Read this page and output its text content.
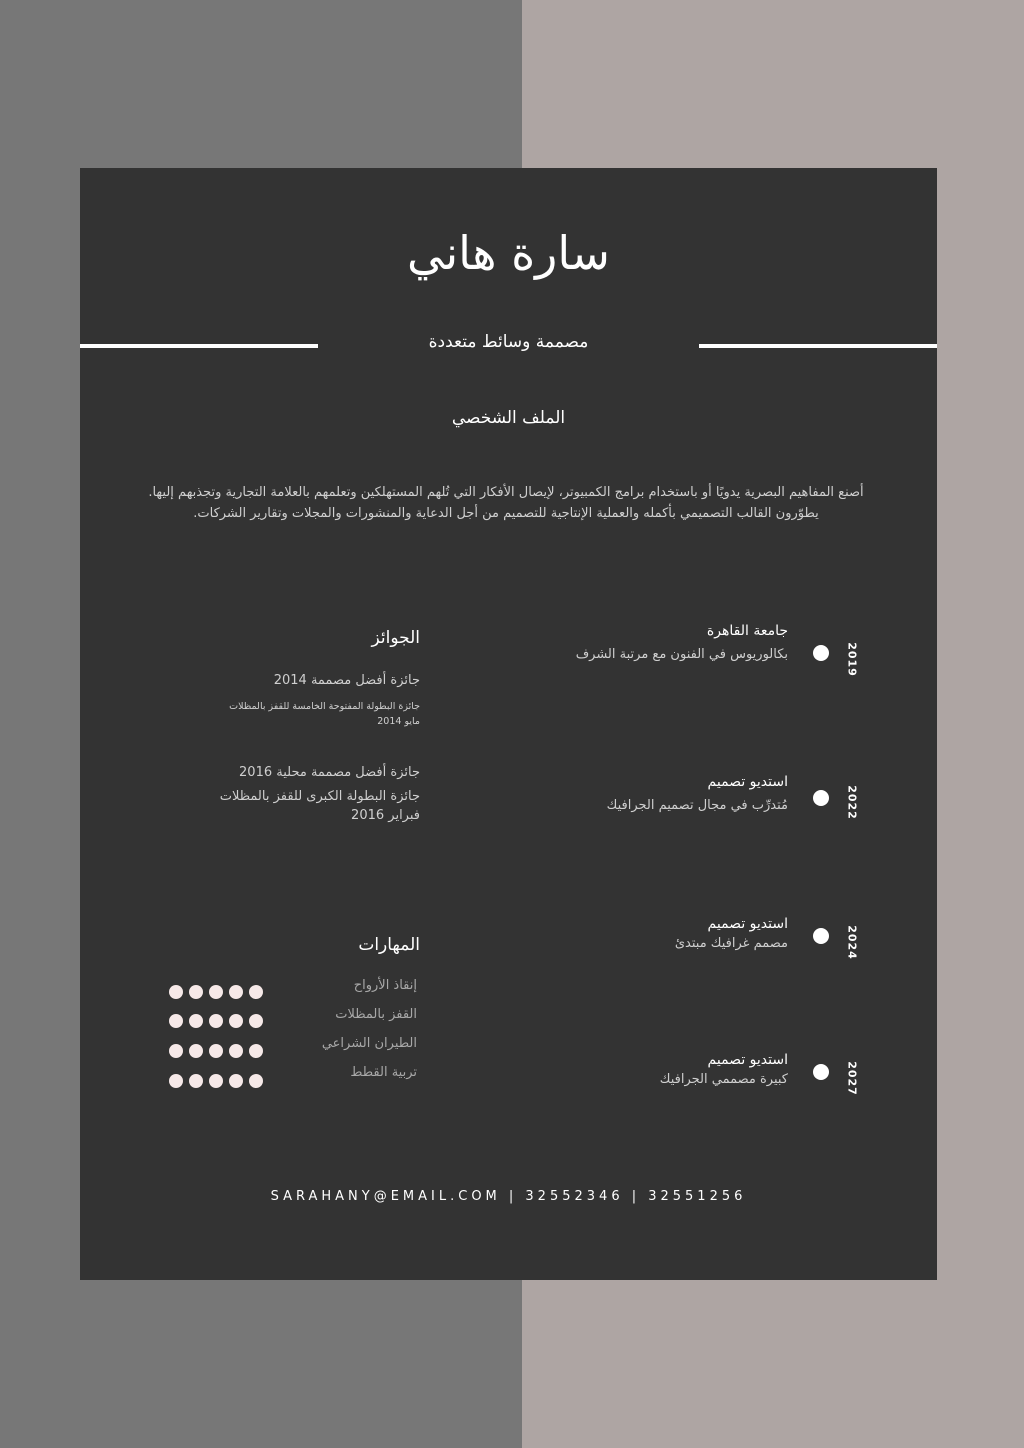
سارة هاني
مصممة وسائط متعددة
الملف الشخصي
أصنع المفاهيم البصرية يدويًا أو باستخدام برامج الكمبيوتر، لإيصال الأفكار التي تُلهم المستهلكين وتعلمهم بالعلامة التجارية وتجذبهم إليها. يطوّرون القالب التصميمي بأكمله والعملية الإنتاجية للتصميم من أجل الدعاية والمنشورات والمجلات وتقارير الشركات.
جامعة القاهرة
بكالوريوس في الفنون مع مرتبة الشرف	2019
استديو تصميم
مُتدرِّب في مجال تصميم الجرافيك	2022
استديو تصميم
مصمم غرافيك مبتدئ	2024
استديو تصميم
كبيرة مصممي الجرافيك	2027
الجوائز
جائزة أفضل مصممة 2014
جائزة البطولة المفتوحة الخامسة للقفز بالمظلات
مايو 2014
جائزة أفضل مصممة محلية 2016
جائزة البطولة الكبرى للقفز بالمظلات
فبراير 2016
المهارات
إنقاذ الأرواح
القفز بالمظلات
الطيران الشراعي
تربية القطط
SARAHANY@EMAIL.COM | 32552346 | 32551256
